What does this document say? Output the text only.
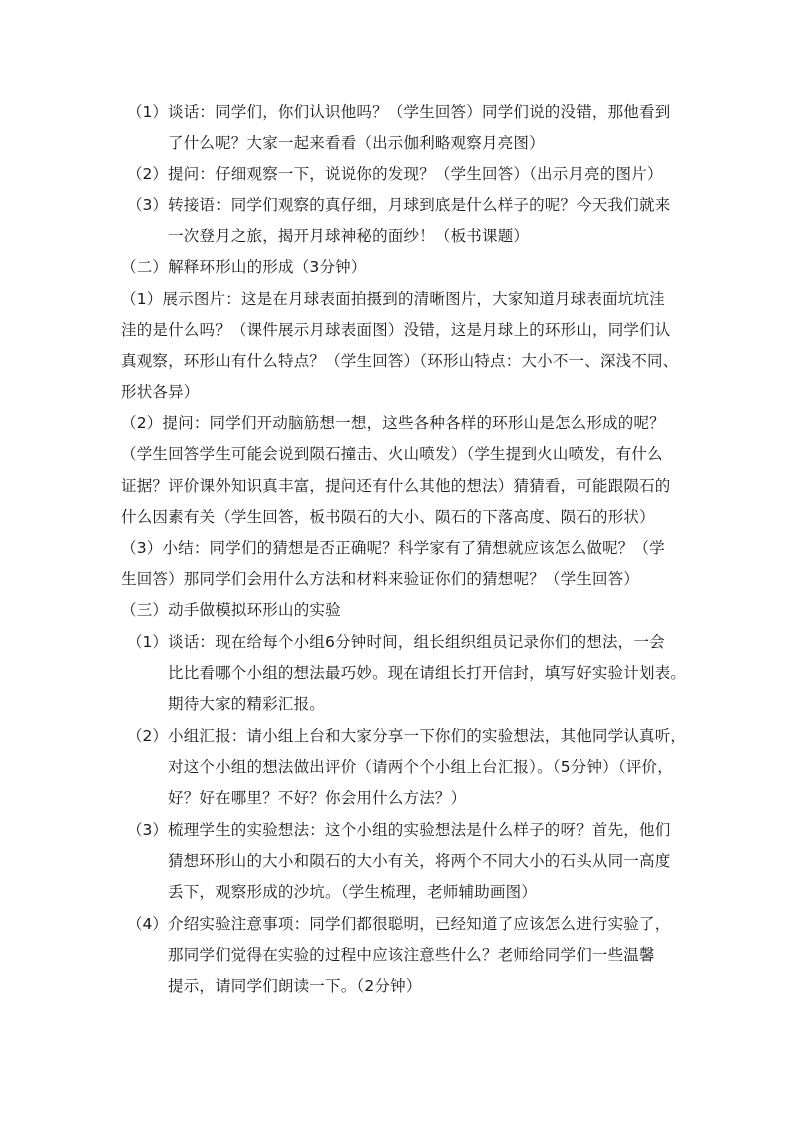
（1） 谈话：同学们，你们认识他吗？（学生回答）同学们说的没错，那他看到
了什么呢？大家一起来看看（出示伽利略观察月亮图）
（2） 提问：仔细观察一下，说说你的发现？（学生回答）（出示月亮的图片）
（3） 转接语：同学们观察的真仔细，月球到底是什么样子的呢？今天我们就来
一次登月之旅，揭开月球神秘的面纱！（板书课题）
（二）解释环形山的形成（3分钟）
（1）展示图片：这是在月球表面拍摄到的清晰图片，大家知道月球表面坑坑洼
洼的是什么吗？（课件展示月球表面图）没错，这是月球上的环形山，同学们认
真观察，环形山有什么特点？（学生回答）（环形山特点：大小不一、深浅不同、
形状各异）
（2）提问：同学们开动脑筋想一想，这些各种各样的环形山是怎么形成的呢？
（学生回答学生可能会说到陨石撞击、火山喷发）（学生提到火山喷发，有什么
证据？评价课外知识真丰富，提问还有什么其他的想法）猜猜看，可能跟陨石的
什么因素有关（学生回答，板书陨石的大小、陨石的下落高度、陨石的形状）
（3）小结：同学们的猜想是否正确呢？科学家有了猜想就应该怎么做呢？（学
生回答）那同学们会用什么方法和材料来验证你们的猜想呢？（学生回答）
（三）动手做模拟环形山的实验
（1） 谈话：现在给每个小组6分钟时间，组长组织组员记录你们的想法，一会
比比看哪个小组的想法最巧妙。现在请组长打开信封，填写好实验计划表。
期待大家的精彩汇报。
（2） 小组汇报：请小组上台和大家分享一下你们的实验想法，其他同学认真听，
对这个小组的想法做出评价（请两个个小组上台汇报）。（5分钟）（评价，
好？好在哪里？不好？你会用什么方法？）
（3） 梳理学生的实验想法：这个小组的实验想法是什么样子的呀？首先，他们
猜想环形山的大小和陨石的大小有关，将两个不同大小的石头从同一高度
丢下，观察形成的沙坑。（学生梳理，老师辅助画图）
（4） 介绍实验注意事项：同学们都很聪明，已经知道了应该怎么进行实验了，
那同学们觉得在实验的过程中应该注意些什么？老师给同学们一些温馨
提示，请同学们朗读一下。（2分钟）
